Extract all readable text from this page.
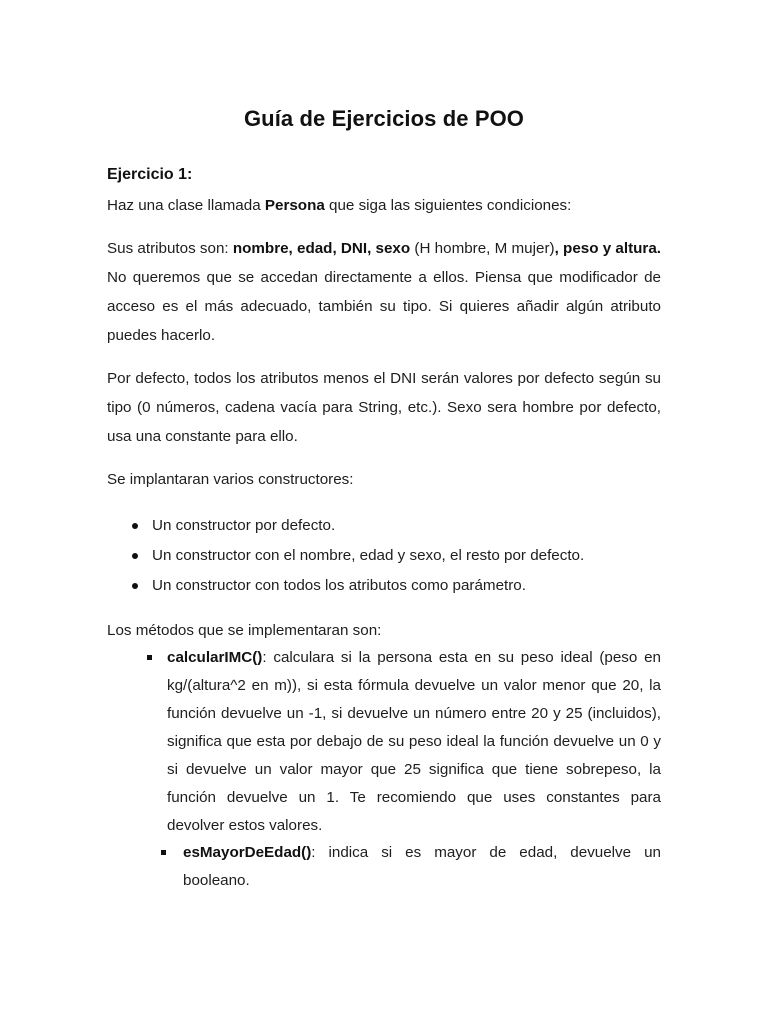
Guía de Ejercicios de POO
Ejercicio 1:

Haz una clase llamada Persona que siga las siguientes condiciones:

Sus atributos son: nombre, edad, DNI, sexo (H hombre, M mujer), peso y altura. No queremos que se accedan directamente a ellos. Piensa que modificador de acceso es el más adecuado, también su tipo. Si quieres añadir algún atributo puedes hacerlo.

Por defecto, todos los atributos menos el DNI serán valores por defecto según su tipo (0 números, cadena vacía para String, etc.). Sexo sera hombre por defecto, usa una constante para ello.

Se implantaran varios constructores:

Un constructor por defecto.
Un constructor con el nombre, edad y sexo, el resto por defecto.
Un constructor con todos los atributos como parámetro.

Los métodos que se implementaran son:

calcularIMC(): calculara si la persona esta en su peso ideal (peso en kg/(altura^2 en m)), si esta fórmula devuelve un valor menor que 20, la función devuelve un -1, si devuelve un número entre 20 y 25 (incluidos), significa que esta por debajo de su peso ideal la función devuelve un 0 y si devuelve un valor mayor que 25 significa que tiene sobrepeso, la función devuelve un 1. Te recomiendo que uses constantes para devolver estos valores.

esMayorDeEdad(): indica si es mayor de edad, devuelve un booleano.
